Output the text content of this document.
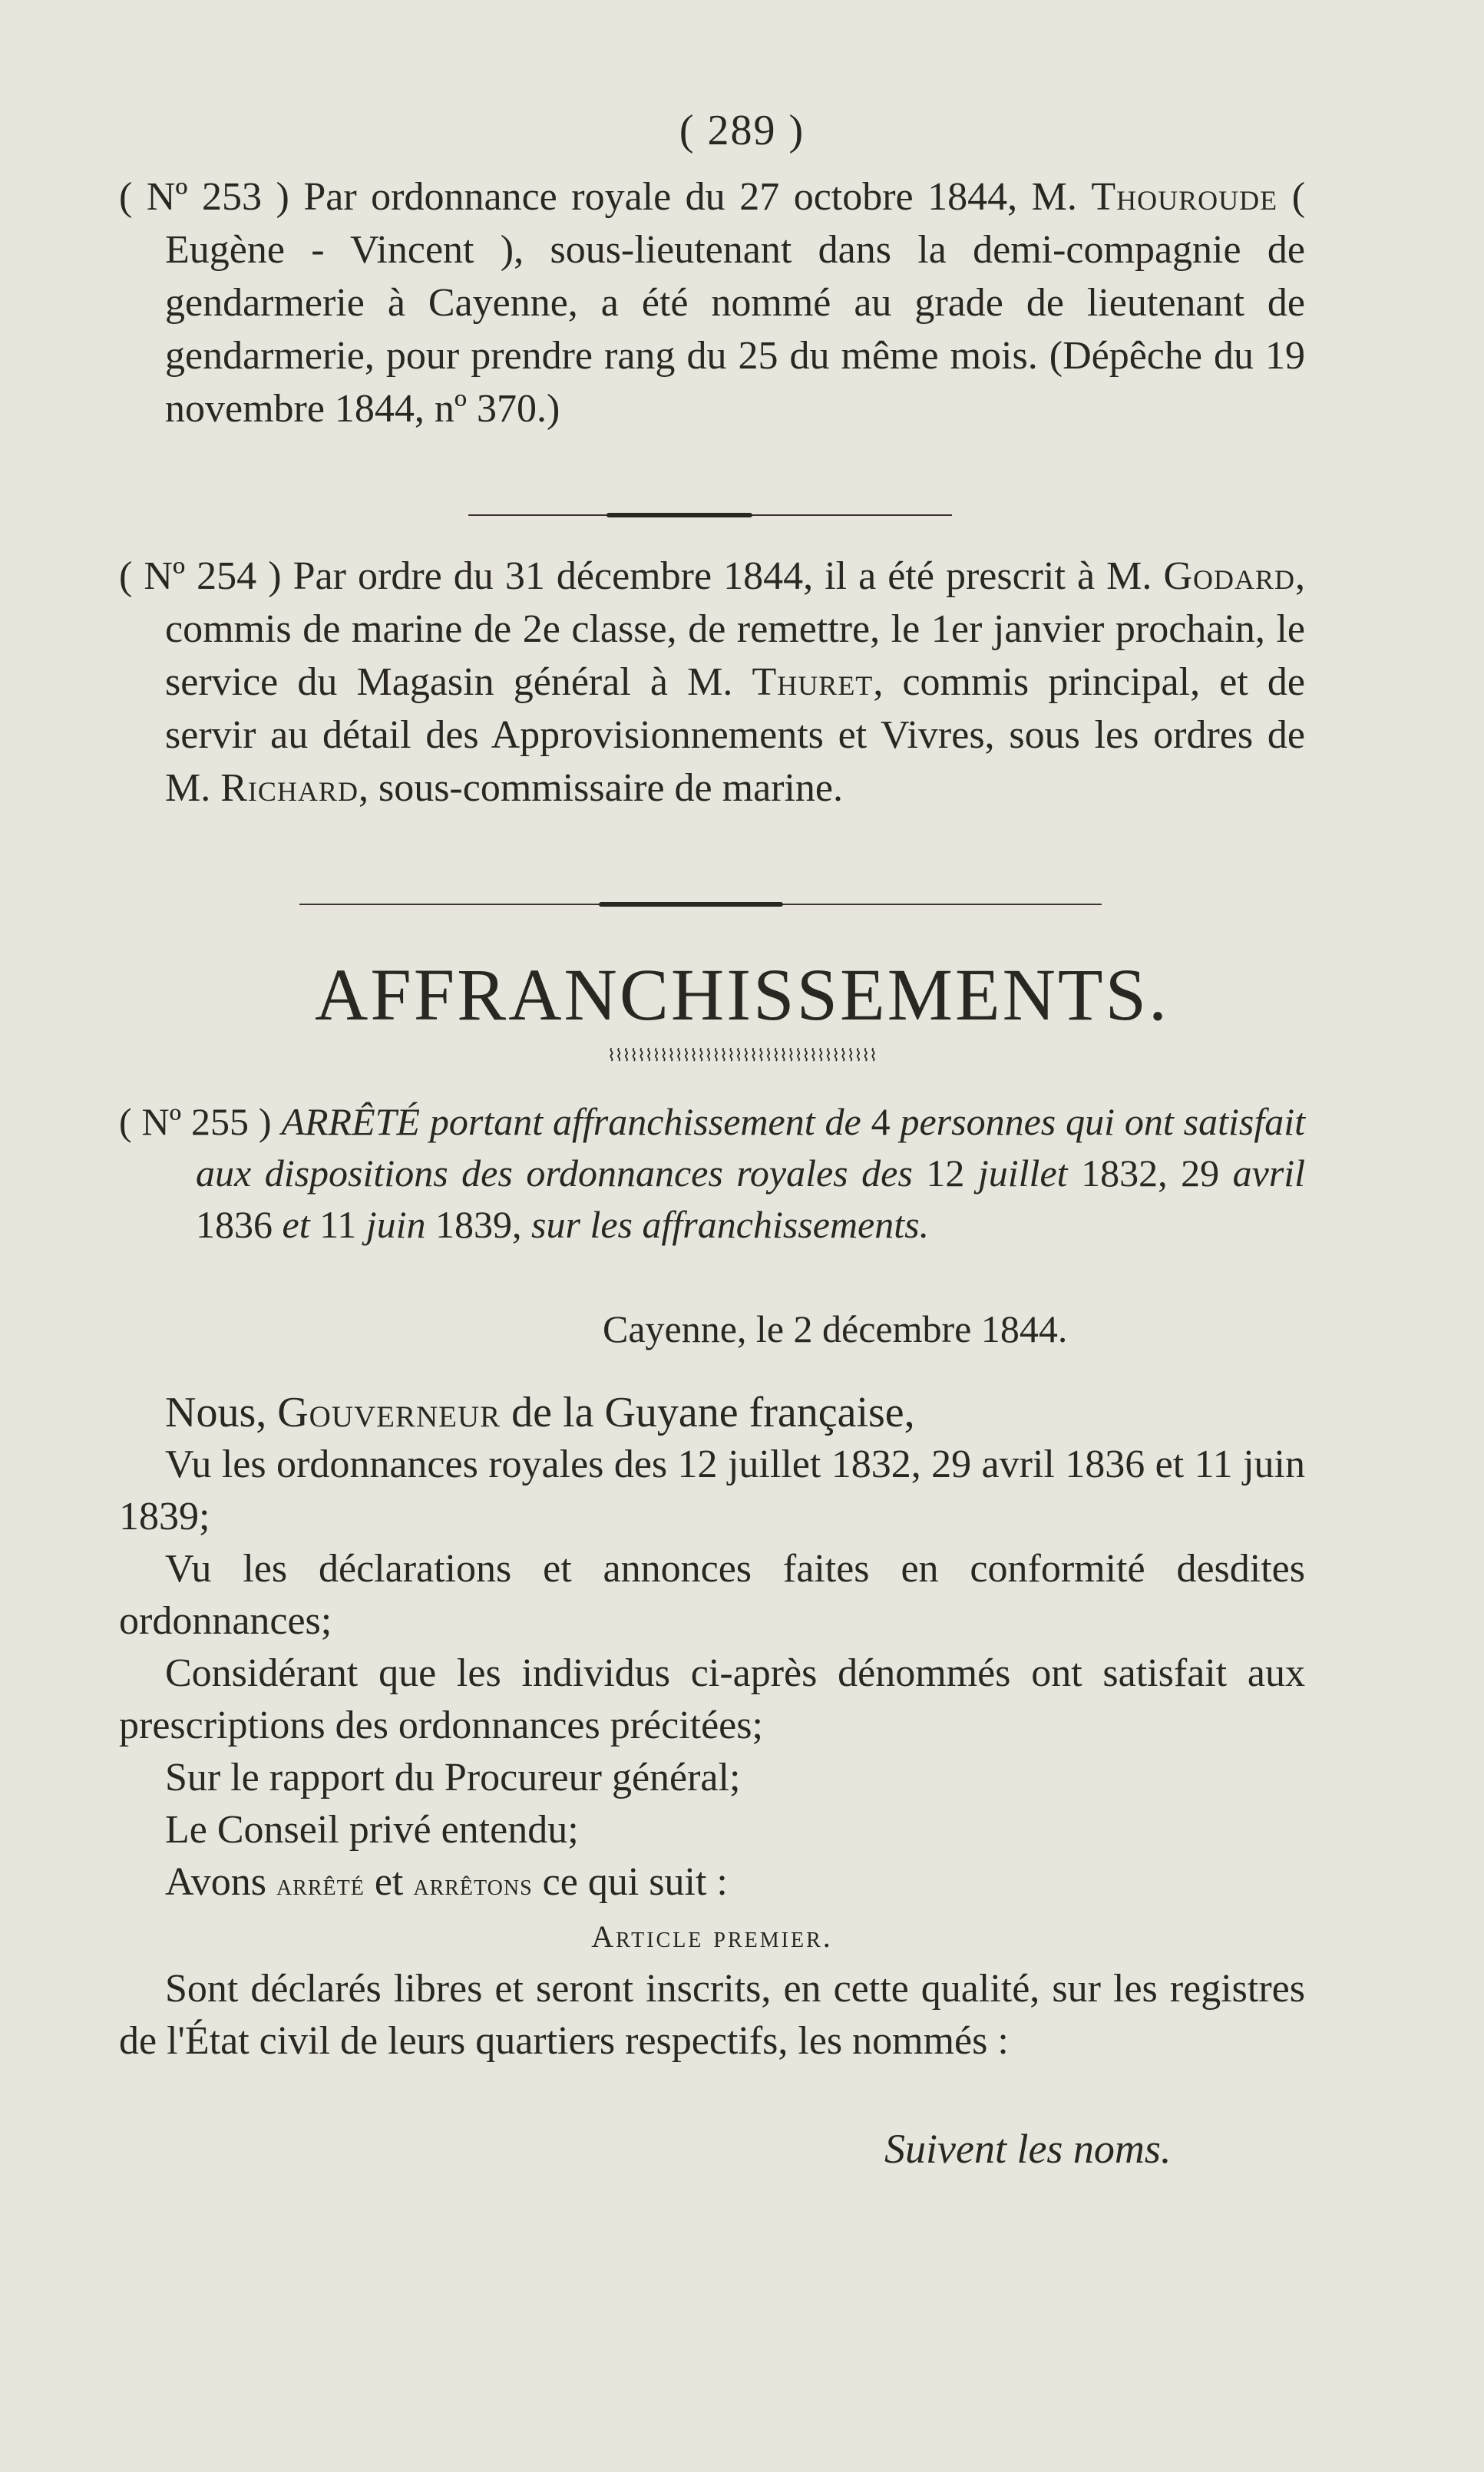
( 289 )
( Nº 253 ) Par ordonnance royale du 27 octobre 1844, M. Thouroude ( Eugène - Vincent ), sous-lieutenant dans la demi-compagnie de gendarmerie à Cayenne, a été nommé au grade de lieutenant de gendarmerie, pour prendre rang du 25 du même mois. (Dépêche du 19 novembre 1844, nº 370.)
( Nº 254 ) Par ordre du 31 décembre 1844, il a été prescrit à M. Godard, commis de marine de 2e classe, de remettre, le 1er janvier prochain, le service du Magasin général à M. Thuret, commis principal, et de servir au détail des Approvisionnements et Vivres, sous les ordres de M. Richard, sous-commissaire de marine.
AFFRANCHISSEMENTS.
⌇⌇⌇⌇⌇⌇⌇⌇⌇⌇⌇⌇⌇⌇⌇⌇⌇⌇⌇⌇⌇⌇⌇⌇⌇⌇⌇⌇⌇⌇⌇⌇⌇⌇⌇⌇
( Nº 255 ) ARRÊTÉ portant affranchissement de 4 personnes qui ont satisfait aux dispositions des ordonnances royales des 12 juillet 1832, 29 avril 1836 et 11 juin 1839, sur les affranchissements.
Cayenne, le 2 décembre 1844.

Nous, Gouverneur de la Guyane française,

Vu les ordonnances royales des 12 juillet 1832, 29 avril 1836 et 11 juin 1839;

Vu les déclarations et annonces faites en conformité desdites ordonnances;

Considérant que les individus ci-après dénommés ont satisfait aux prescriptions des ordonnances précitées;

Sur le rapport du Procureur général;

Le Conseil privé entendu;

Avons arrêté et arrêtons ce qui suit :

Article premier.

Sont déclarés libres et seront inscrits, en cette qualité, sur les registres de l'État civil de leurs quartiers respectifs, les nommés :

Suivent les noms.
